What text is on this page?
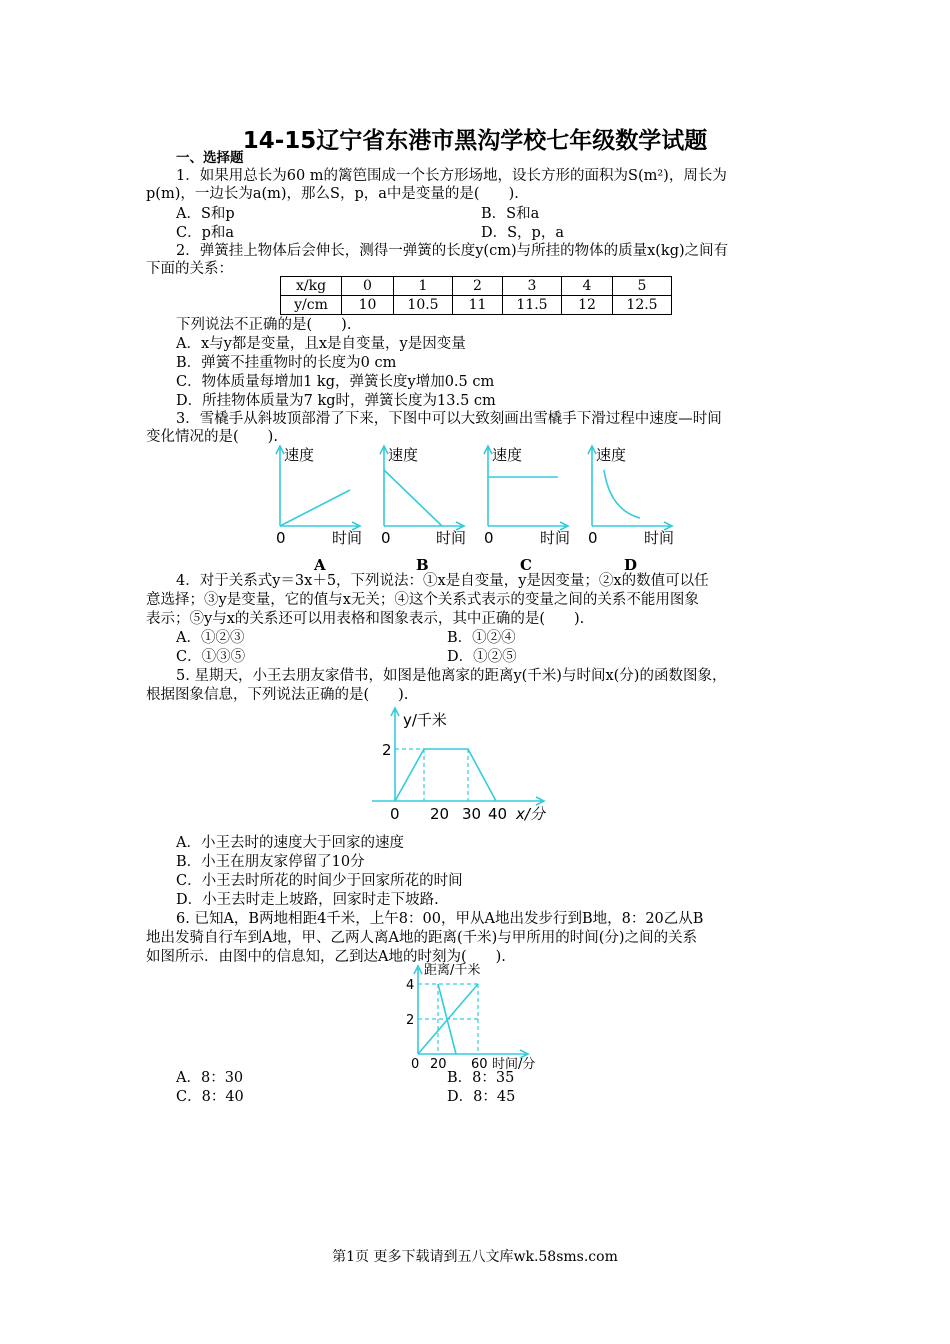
14-15辽宁省东港市黑沟学校七年级数学试题
一、选择题
1．如果用总长为60 m的篱笆围成一个长方形场地，设长方形的面积为S(m²)，周长为
p(m)，一边长为a(m)，那么S，p，a中是变量的是(　　).
A．S和p	B．S和a
C．p和a	D．S，p，a
2．弹簧挂上物体后会伸长，测得一弹簧的长度y(cm)与所挂的物体的质量x(kg)之间有
下面的关系：
x/kg	0	1	2	3	4	5
y/cm	10	10.5	11	11.5	12	12.5
下列说法不正确的是(　　).
A．x与y都是变量，且x是自变量，y是因变量
B．弹簧不挂重物时的长度为0 cm
C．物体质量每增加1 kg，弹簧长度y增加0.5 cm
D．所挂物体质量为7 kg时，弹簧长度为13.5 cm
3．雪橇手从斜坡顶部滑了下来，下图中可以大致刻画出雪橇手下滑过程中速度—时间
变化情况的是(　　).
速度
0	时间
A
速度
0	时间
B
速度
0	时间
C
速度
0	时间
D
4．对于关系式y＝3x＋5，下列说法：①x是自变量，y是因变量；②x的数值可以任
意选择；③y是变量，它的值与x无关；④这个关系式表示的变量之间的关系不能用图象
表示；⑤y与x的关系还可以用表格和图象表示，其中正确的是(　　).
A．①②③	B．①②④
C．①③⑤	D．①②⑤
5. 星期天，小王去朋友家借书，如图是他离家的距离y(千米)与时间x(分)的函数图象，
根据图象信息，下列说法正确的是(　　).
y/千米
2
0 20 30 40 x/分
A．小王去时的速度大于回家的速度
B．小王在朋友家停留了10分
C．小王去时所花的时间少于回家所花的时间
D．小王去时走上坡路，回家时走下坡路.
6. 已知A，B两地相距4千米，上午8：00，甲从A地出发步行到B地，8：20乙从B
地出发骑自行车到A地，甲、乙两人离A地的距离(千米)与甲所用的时间(分)之间的关系
如图所示．由图中的信息知，乙到达A地的时刻为(　　).
距离/千米
4
2
0 20 60 时间/分
A．8：30	B．8：35
C．8：40	D．8：45
第1页 更多下载请到五八文库wk.58sms.com
